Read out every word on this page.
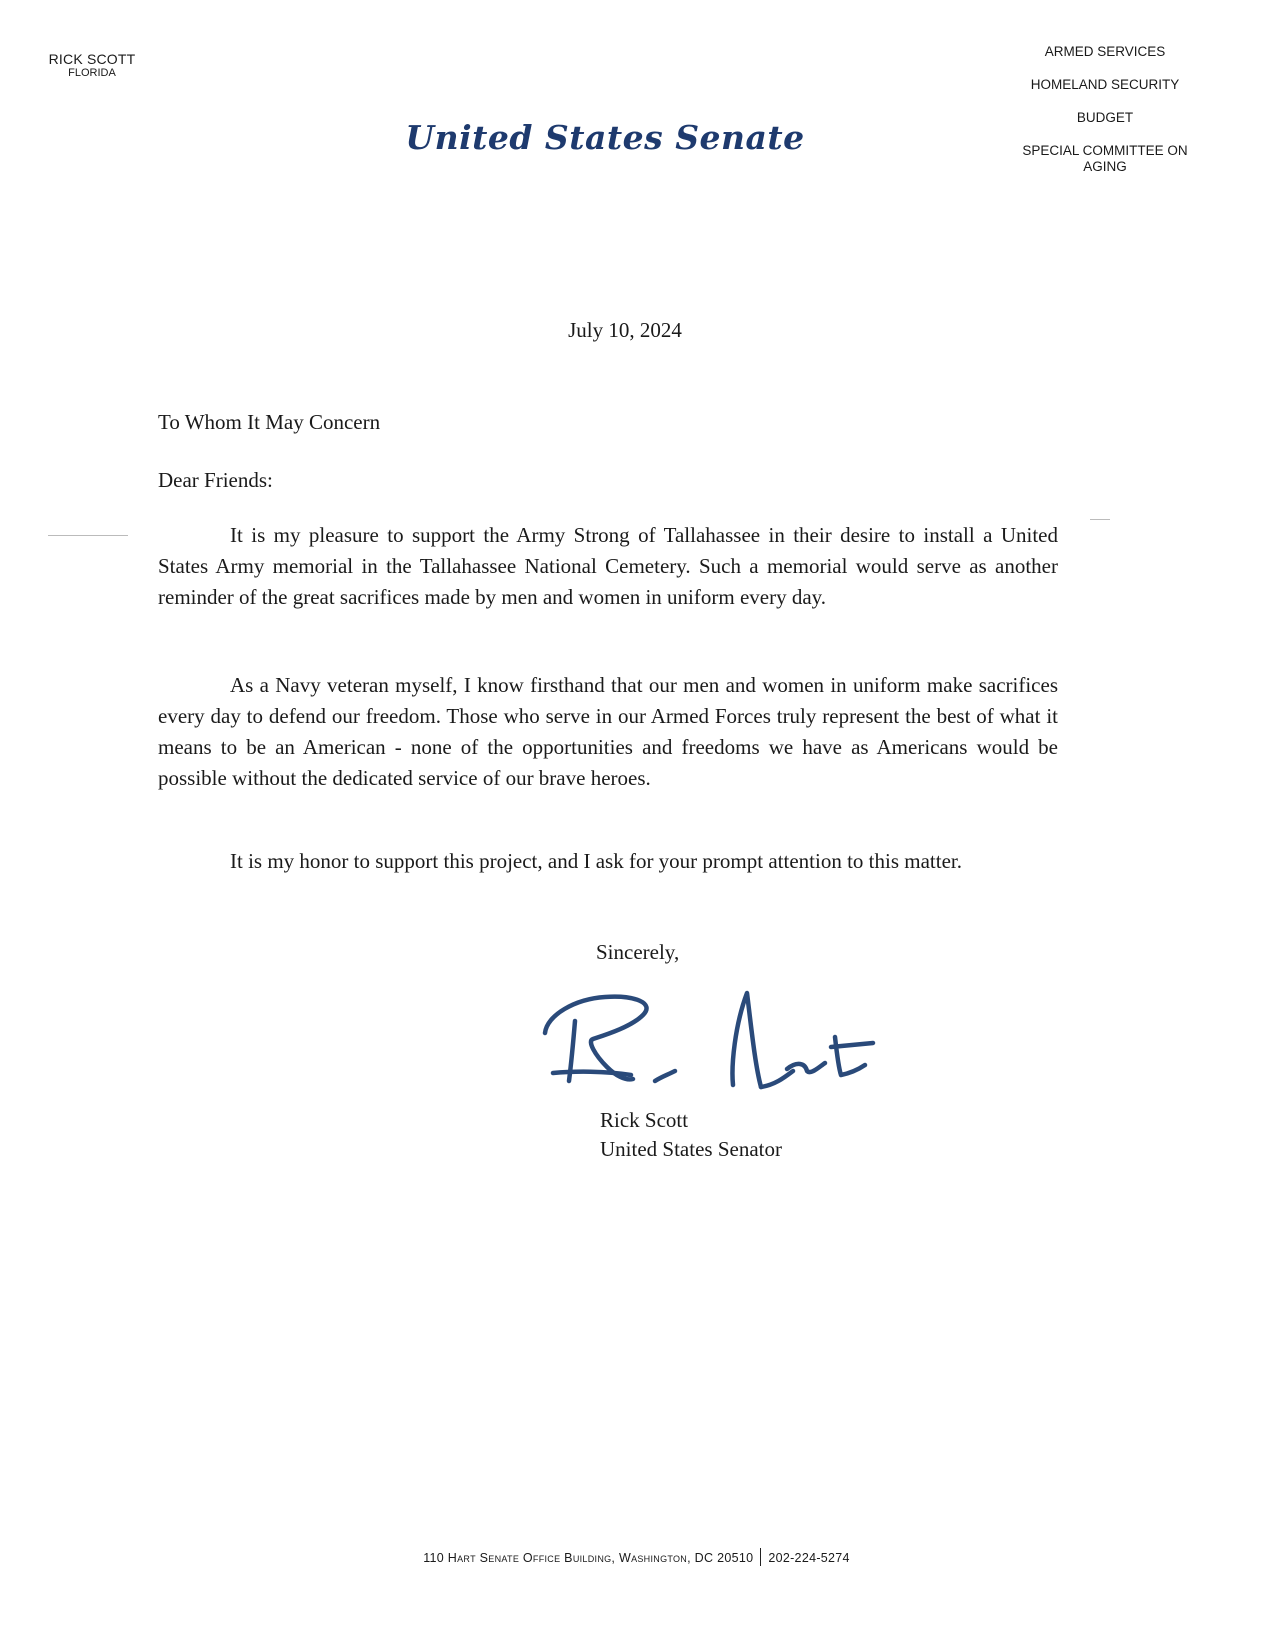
RICK SCOTT
FLORIDA
United States Senate
ARMED SERVICES
HOMELAND SECURITY
BUDGET
SPECIAL COMMITTEE ON AGING
July 10, 2024
To Whom It May Concern
Dear Friends:

It is my pleasure to support the Army Strong of Tallahassee in their desire to install a United States Army memorial in the Tallahassee National Cemetery. Such a memorial would serve as another reminder of the great sacrifices made by men and women in uniform every day.

As a Navy veteran myself, I know firsthand that our men and women in uniform make sacrifices every day to defend our freedom. Those who serve in our Armed Forces truly represent the best of what it means to be an American - none of the opportunities and freedoms we have as Americans would be possible without the dedicated service of our brave heroes.

It is my honor to support this project, and I ask for your prompt attention to this matter.

Sincerely,
Rick Scott
United States Senator
110 Hart Senate Office Building, Washington, DC 20510 202-224-5274
